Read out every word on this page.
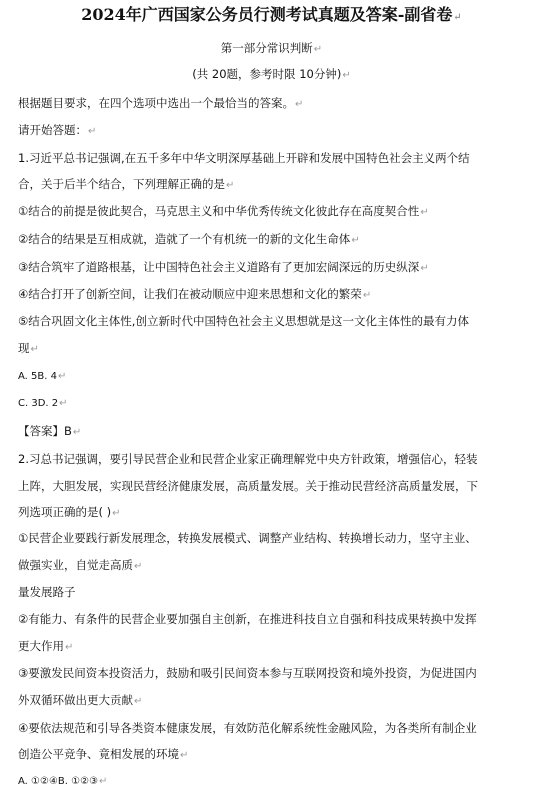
2024年广西国家公务员行测考试真题及答案-副省卷↵
第一部分常识判断↵
(共 20题，参考时限 10分钟)↵
根据题目要求，在四个选项中选出一个最恰当的答案。↵
请开始答题：↵
1.习近平总书记强调,在五千多年中华文明深厚基础上开辟和发展中国特色社会主义两个结
合，关于后半个结合，下列理解正确的是↵
①结合的前提是彼此契合，马克思主义和中华优秀传统文化彼此存在高度契合性↵
②结合的结果是互相成就，造就了一个有机统一的新的文化生命体↵
③结合筑牢了道路根基，让中国特色社会主义道路有了更加宏阔深远的历史纵深↵
④结合打开了创新空间，让我们在被动顺应中迎来思想和文化的繁荣↵
⑤结合巩固文化主体性,创立新时代中国特色社会主义思想就是这一文化主体性的最有力体
现↵
A. 5B. 4↵
C. 3D. 2↵
【答案】B↵
2.习总书记强调，要引导民营企业和民营企业家正确理解党中央方针政策，增强信心，轻装
上阵，大胆发展，实现民营经济健康发展，高质量发展。关于推动民营经济高质量发展，下
列选项正确的是( )↵
①民营企业要践行新发展理念，转换发展模式、调整产业结构、转换增长动力，坚守主业、
做强实业，自觉走高质↵
量发展路子
②有能力、有条件的民营企业要加强自主创新，在推进科技自立自强和科技成果转换中发挥
更大作用↵
③要激发民间资本投资活力，鼓励和吸引民间资本参与互联网投资和境外投资，为促进国内
外双循环做出更大贡献↵
④要依法规范和引导各类资本健康发展，有效防范化解系统性金融风险，为各类所有制企业
创造公平竞争、竟相发展的环境↵
A. ①②④B. ①②③↵
